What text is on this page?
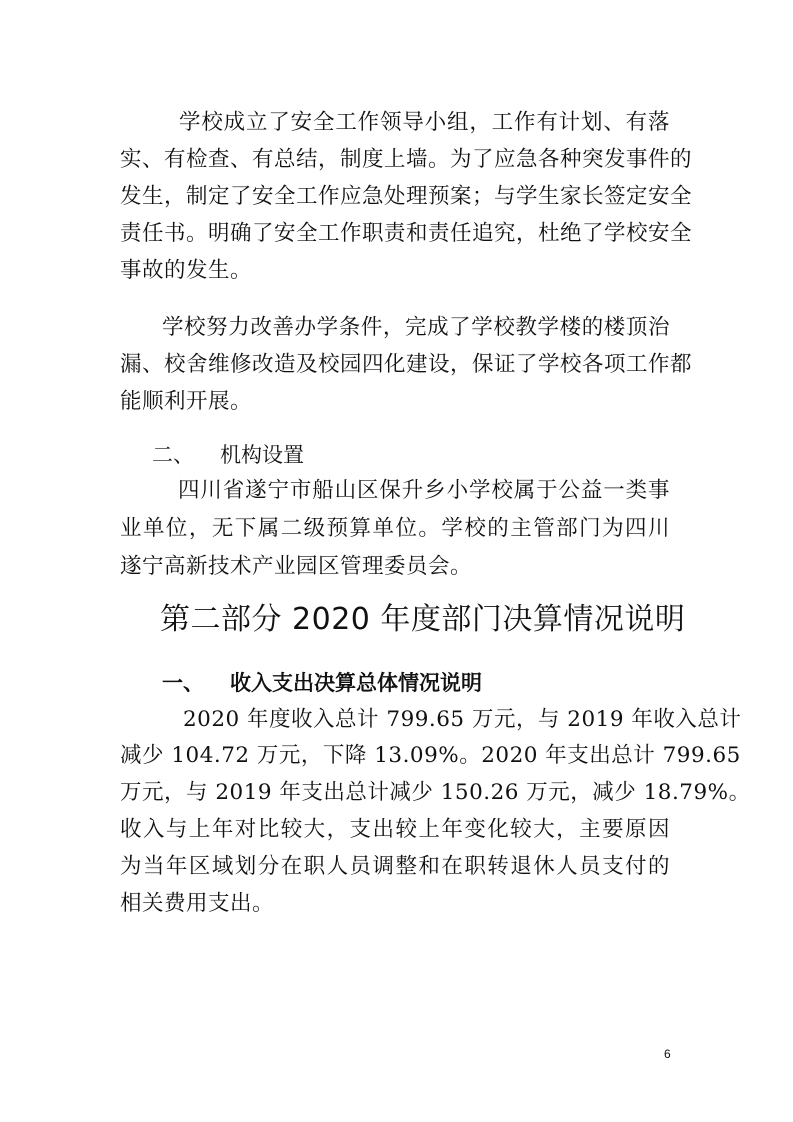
学校成立了安全工作领导小组，工作有计划、有落
实、有检查、有总结，制度上墙。为了应急各种突发事件的
发生，制定了安全工作应急处理预案；与学生家长签定安全
责任书。明确了安全工作职责和责任追究，杜绝了学校安全
事故的发生。
学校努力改善办学条件，完成了学校教学楼的楼顶治
漏、校舍维修改造及校园四化建设，保证了学校各项工作都
能顺利开展。
二、 机构设置
四川省遂宁市船山区保升乡小学校属于公益一类事
业单位，无下属二级预算单位。学校的主管部门为四川
遂宁高新技术产业园区管理委员会。
第二部分 2020 年度部门决算情况说明
一、 收入支出决算总体情况说明
2020 年度收入总计 799.65 万元，与 2019 年收入总计
减少 104.72 万元，下降 13.09%。2020 年支出总计 799.65
万元，与 2019 年支出总计减少 150.26 万元，减少 18.79%。
收入与上年对比较大，支出较上年变化较大，主要原因
为当年区域划分在职人员调整和在职转退休人员支付的
相关费用支出。
6
